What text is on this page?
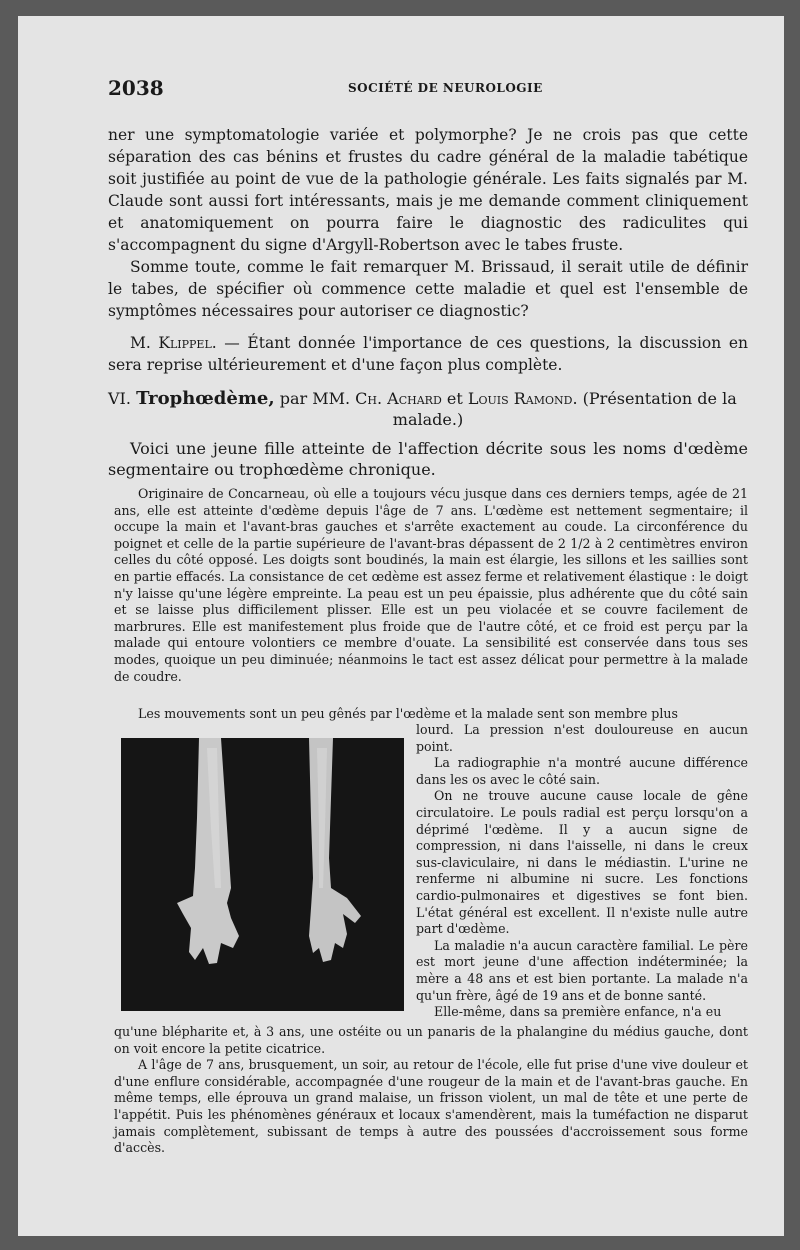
2038	SOCIÉTÉ DE NEUROLOGIE

ner une symptomatologie variée et polymorphe? Je ne crois pas que cette séparation des cas bénins et frustes du cadre général de la maladie tabétique soit justifiée au point de vue de la pathologie générale. Les faits signalés par M. Claude sont aussi fort intéressants, mais je me demande comment cliniquement et anatomiquement on pourra faire le diagnostic des radiculites qui s'accompagnent du signe d'Argyll-Robertson avec le tabes fruste.

Somme toute, comme le fait remarquer M. Brissaud, il serait utile de définir le tabes, de spécifier où commence cette maladie et quel est l'ensemble de symptômes nécessaires pour autoriser ce diagnostic?

M. Klippel. — Étant donnée l'importance de ces questions, la discussion en sera reprise ultérieurement et d'une façon plus complète.

VI. Trophœdème, par MM. Ch. Achard et Louis Ramond. (Présentation de la
malade.)
Voici une jeune fille atteinte de l'affection décrite sous les noms d'œdème segmentaire ou trophœdème chronique.

Originaire de Concarneau, où elle a toujours vécu jusque dans ces derniers temps, agée de 21 ans, elle est atteinte d'œdème depuis l'âge de 7 ans. L'œdème est nettement segmentaire; il occupe la main et l'avant-bras gauches et s'arrête exactement au coude. La circonférence du poignet et celle de la partie supérieure de l'avant-bras dépassent de 2 1/2 à 2 centimètres environ celles du côté opposé. Les doigts sont boudinés, la main est élargie, les sillons et les saillies sont en partie effacés. La consistance de cet œdème est assez ferme et relativement élastique : le doigt n'y laisse qu'une légère empreinte. La peau est un peu épaissie, plus adhérente que du côté sain et se laisse plus difficilement plisser. Elle est un peu violacée et se couvre facilement de marbrures. Elle est manifestement plus froide que de l'autre côté, et ce froid est perçu par la malade qui entoure volontiers ce membre d'ouate. La sensibilité est conservée dans tous ses modes, quoique un peu diminuée; néanmoins le tact est assez délicat pour permettre à la malade de coudre.

Les mouvements sont un peu gênés par l'œdème et la malade sent son membre plus

lourd. La pression n'est douloureuse en aucun point.

La radiographie n'a montré aucune différence dans les os avec le côté sain.

On ne trouve aucune cause locale de gêne circulatoire. Le pouls radial est perçu lorsqu'on a déprimé l'œdème. Il y a aucun signe de compression, ni dans l'aisselle, ni dans le creux sus-claviculaire, ni dans le médiastin. L'urine ne renferme ni albumine ni sucre. Les fonctions cardio-pulmonaires et digestives se font bien. L'état général est excellent. Il n'existe nulle autre part d'œdème.

La maladie n'a aucun caractère familial. Le père est mort jeune d'une affection indéterminée; la mère a 48 ans et est bien portante. La malade n'a qu'un frère, âgé de 19 ans et de bonne santé.

Elle-même, dans sa première enfance, n'a eu

qu'une blépharite et, à 3 ans, une ostéite ou un panaris de la phalangine du médius gauche, dont on voit encore la petite cicatrice.

A l'âge de 7 ans, brusquement, un soir, au retour de l'école, elle fut prise d'une vive douleur et d'une enflure considérable, accompagnée d'une rougeur de la main et de l'avant-bras gauche. En même temps, elle éprouva un grand malaise, un frisson violent, un mal de tête et une perte de l'appétit. Puis les phénomènes généraux et locaux s'amendèrent, mais la tuméfaction ne disparut jamais complètement, subissant de temps à autre des poussées d'accroissement sous forme d'accès.
